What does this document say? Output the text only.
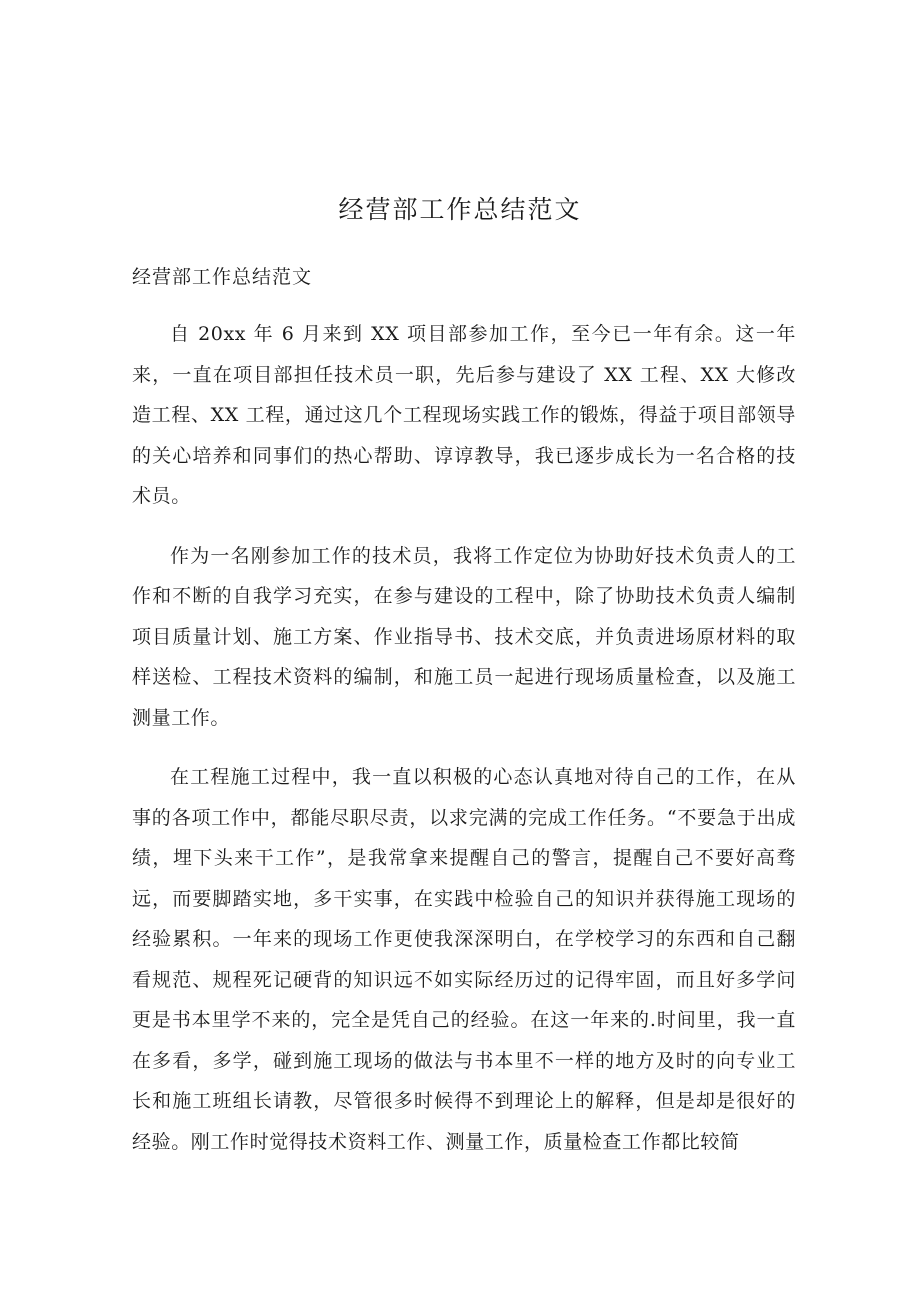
经营部工作总结范文

经营部工作总结范文

自 20xx 年 6 月来到 XX 项目部参加工作，至今已一年有余。这一年来，一直在项目部担任技术员一职，先后参与建设了 XX 工程、XX 大修改造工程、XX 工程，通过这几个工程现场实践工作的锻炼，得益于项目部领导的关心培养和同事们的热心帮助、谆谆教导，我已逐步成长为一名合格的技术员。

作为一名刚参加工作的技术员，我将工作定位为协助好技术负责人的工作和不断的自我学习充实，在参与建设的工程中，除了协助技术负责人编制项目质量计划、施工方案、作业指导书、技术交底，并负责进场原材料的取样送检、工程技术资料的编制，和施工员一起进行现场质量检查，以及施工测量工作。

在工程施工过程中，我一直以积极的心态认真地对待自己的工作，在从事的各项工作中，都能尽职尽责，以求完满的完成工作任务。“不要急于出成绩，埋下头来干工作”，是我常拿来提醒自己的警言，提醒自己不要好高骛远，而要脚踏实地，多干实事，在实践中检验自己的知识并获得施工现场的经验累积。一年来的现场工作更使我深深明白，在学校学习的东西和自己翻看规范、规程死记硬背的知识远不如实际经历过的记得牢固，而且好多学问更是书本里学不来的，完全是凭自己的经验。在这一年来的.时间里，我一直在多看，多学，碰到施工现场的做法与书本里不一样的地方及时的向专业工长和施工班组长请教，尽管很多时候得不到理论上的解释，但是却是很好的经验。刚工作时觉得技术资料工作、测量工作，质量检查工作都比较简
